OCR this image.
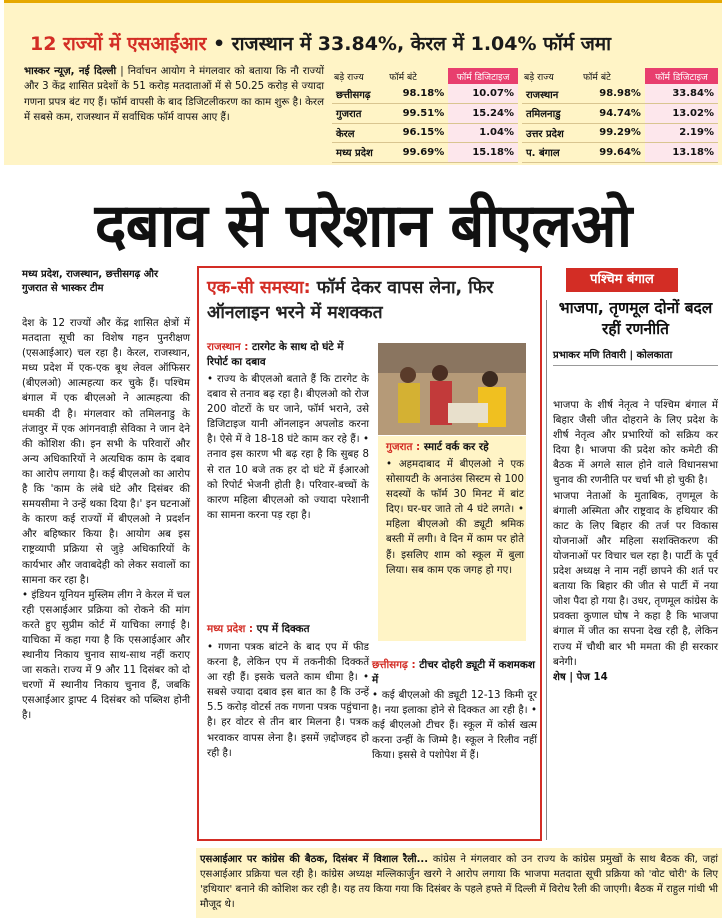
12 राज्यों में एसआईआर • राजस्थान में 33.84%, केरल में 1.04% फॉर्म जमा
भास्कर न्यूज़, नई दिल्ली | निर्वाचन आयोग ने मंगलवार को बताया कि नौ राज्यों और 3 केंद्र शासित प्रदेशों के 51 करोड़ मतदाताओं में से 50.25 करोड़ से ज्यादा गणना प्रपत्र बंट गए हैं। फॉर्म वापसी के बाद डिजिटलीकरण का काम शुरू है। केरल में सबसे कम, राजस्थान में सर्वाधिक फॉर्म वापस आए हैं।
बड़े राज्य	फॉर्म बंटे	फॉर्म डिजिटाइज
छत्तीसगढ़	98.18%	10.07%
गुजरात	99.51%	15.24%
केरल	96.15%	1.04%
मध्य प्रदेश	99.69%	15.18%
बड़े राज्य	फॉर्म बंटे	फॉर्म डिजिटाइज
राजस्थान	98.98%	33.84%
तमिलनाडु	94.74%	13.02%
उत्तर प्रदेश	99.29%	2.19%
प. बंगाल	99.64%	13.18%
दबाव से परेशान बीएलओ
मध्य प्रदेश, राजस्थान, छत्तीसगढ़ और गुजरात से भास्कर टीम

देश के 12 राज्यों और केंद्र शासित क्षेत्रों में मतदाता सूची का विशेष गहन पुनरीक्षण (एसआईआर) चल रहा है। केरल, राजस्थान, मध्य प्रदेश में एक-एक बूथ लेवल ऑफिसर (बीएलओ) आत्महत्या कर चुके हैं। पश्चिम बंगाल में एक बीएलओ ने आत्महत्या की धमकी दी है। मंगलवार को तमिलनाडु के तंजावुर में एक आंगनवाड़ी सेविका ने जान देने की कोशिश की। इन सभी के परिवारों और अन्य अधिकारियों ने अत्यधिक काम के दबाव का आरोप लगाया है। कई बीएलओ का आरोप है कि 'काम के लंबे घंटे और दिसंबर की समयसीमा ने उन्हें थका दिया है।' इन घटनाओं के कारण कई राज्यों में बीएलओ ने प्रदर्शन और बहिष्कार किया है। आयोग अब इस राष्ट्रव्यापी प्रक्रिया से जुड़े अधिकारियों के कार्यभार और जवाबदेही को लेकर सवालों का सामना कर रहा है।

• इंडियन यूनियन मुस्लिम लीग ने केरल में चल रही एसआईआर प्रक्रिया को रोकने की मांग करते हुए सुप्रीम कोर्ट में याचिका लगाई है। याचिका में कहा गया है कि एसआईआर और स्थानीय निकाय चुनाव साथ-साथ नहीं कराए जा सकते। राज्य में 9 और 11 दिसंबर को दो चरणों में स्थानीय निकाय चुनाव हैं, जबकि एसआईआर ड्राफ्ट 4 दिसंबर को पब्लिश होनी है।

एक-सी समस्या: फॉर्म देकर वापस लेना, फिर ऑनलाइन भरने में मशक्कत
राजस्थान : टारगेट के साथ दो घंटे में रिपोर्ट का दबाव
• राज्य के बीएलओ बताते हैं कि टारगेट के दबाव से तनाव बढ़ रहा है। बीएलओ को रोज 200 वोटरों के घर जाने, फॉर्म भराने, उसे डिजिटाइज यानी ऑनलाइन अपलोड करना है। ऐसे में वे 18-18 घंटे काम कर रहे हैं। • तनाव इस कारण भी बढ़ रहा है कि सुबह 8 से रात 10 बजे तक हर दो घंटे में ईआरओ को रिपोर्ट भेजनी होती है। परिवार-बच्चों के कारण महिला बीएलओ को ज्यादा परेशानी का सामना करना पड़ रहा है।
मध्य प्रदेश : एप में दिक्कत
• गणना पत्रक बांटने के बाद एप में फीड करना है, लेकिन एप में तकनीकी दिक्कतें आ रही हैं। इसके चलते काम धीमा है। • सबसे ज्यादा दबाव इस बात का है कि उन्हें 5.5 करोड़ वोटर्स तक गणना पत्रक पहुंचाना है। हर वोटर से तीन बार मिलना है। पत्रक भरवाकर वापस लेना है। इसमें ज़द्दोजहद हो रही है।
गुजरात : स्मार्ट वर्क कर रहे
• अहमदाबाद में बीएलओ ने एक सोसायटी के अनाउंस सिस्टम से 100 सदस्यों के फॉर्म 30 मिनट में बांट दिए। घर-घर जाते तो 4 घंटे लगते। • महिला बीएलओ की ड्यूटी श्रमिक बस्ती में लगी। वे दिन में काम पर होते हैं। इसलिए शाम को स्कूल में बुला लिया। सब काम एक जगह हो गए।
छत्तीसगढ़ : टीचर दोहरी ड्यूटी में कशमकश में
• कई बीएलओ की ड्यूटी 12-13 किमी दूर है। नया इलाका होने से दिक्कत आ रही है। • कई बीएलओ टीचर हैं। स्कूल में कोर्स खत्म करना उन्हीं के जिम्मे है। स्कूल ने रिलीव नहीं किया। इससे वे पशोपेश में हैं।
पश्चिम बंगाल
भाजपा, तृणमूल दोनों बदल रहीं रणनीति
प्रभाकर मणि तिवारी | कोलकाता

भाजपा के शीर्ष नेतृत्व ने पश्चिम बंगाल में बिहार जैसी जीत दोहराने के लिए प्रदेश के शीर्ष नेतृत्व और प्रभारियों को सक्रिय कर दिया है। भाजपा की प्रदेश कोर कमेटी की बैठक में अगले साल होने वाले विधानसभा चुनाव की रणनीति पर चर्चा भी हो चुकी है।

भाजपा नेताओं के मुताबिक, तृणमूल के बंगाली अस्मिता और राष्ट्रवाद के हथियार की काट के लिए बिहार की तर्ज पर विकास योजनाओं और महिला सशक्तिकरण की योजनाओं पर विचार चल रहा है। पार्टी के पूर्व प्रदेश अध्यक्ष ने नाम नहीं छापने की शर्त पर बताया कि बिहार की जीत से पार्टी में नया जोश पैदा हो गया है। उधर, तृणमूल कांग्रेस के प्रवक्ता कुणाल घोष ने कहा है कि भाजपा बंगाल में जीत का सपना देख रही है, लेकिन राज्य में चौथी बार भी ममता की ही सरकार बनेगी।

शेष | पेज 14

एसआईआर पर कांग्रेस की बैठक, दिसंबर में विशाल रैली... कांग्रेस ने मंगलवार को उन राज्य के कांग्रेस प्रमुखों के साथ बैठक की, जहां एसआईआर प्रक्रिया चल रही है। कांग्रेस अध्यक्ष मल्लिकार्जुन खरगे ने आरोप लगाया कि भाजपा मतदाता सूची प्रक्रिया को 'वोट चोरी' के लिए 'हथियार' बनाने की कोशिश कर रही है। यह तय किया गया कि दिसंबर के पहले हफ्ते में दिल्ली में विरोध रैली की जाएगी। बैठक में राहुल गांधी भी मौजूद थे।
